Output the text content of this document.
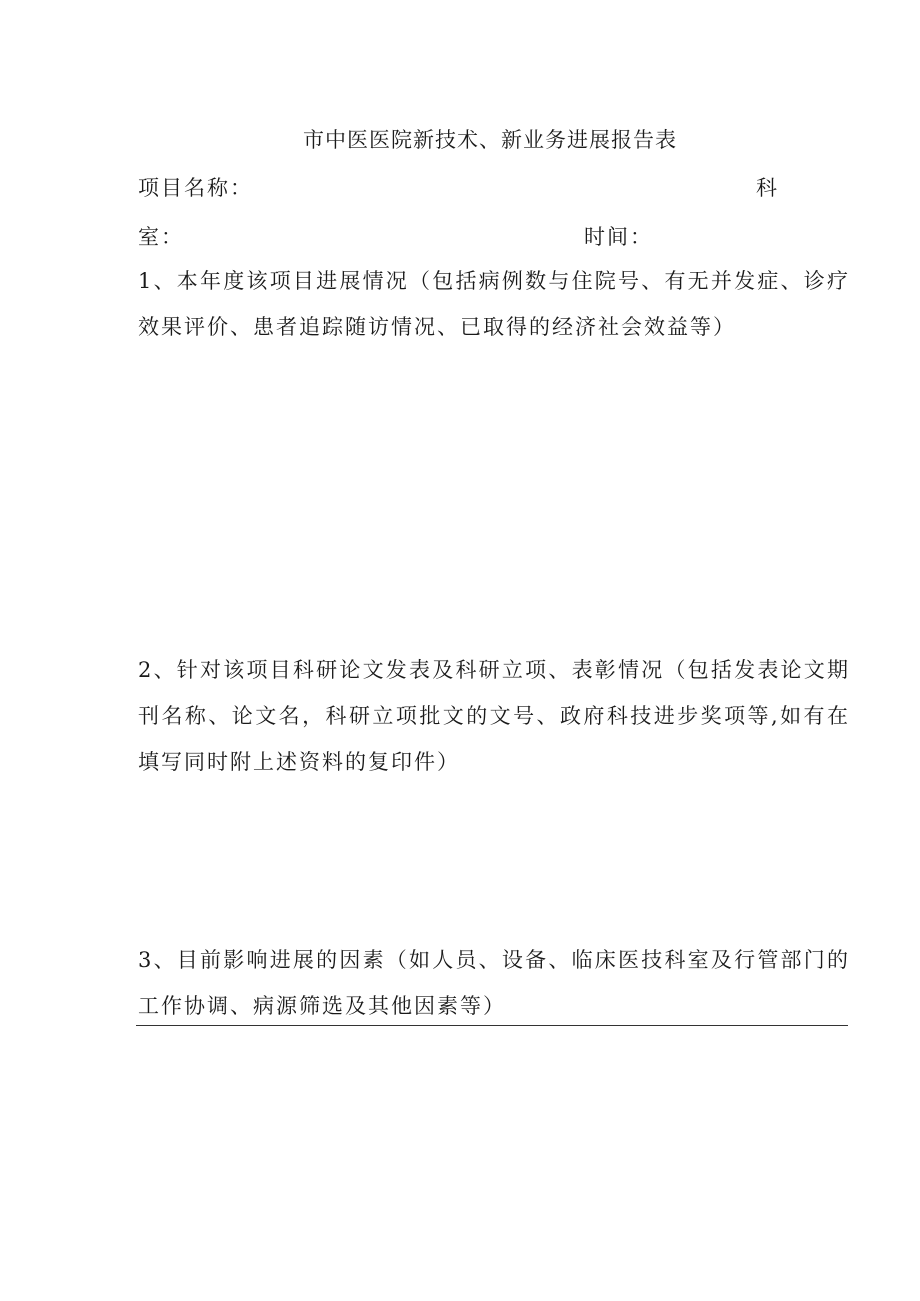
市中医医院新技术、新业务进展报告表
项目名称：	科
室：	时间：
1、本年度该项目进展情况（包括病例数与住院号、有无并发症、诊疗效果评价、患者追踪随访情况、已取得的经济社会效益等）
2、针对该项目科研论文发表及科研立项、表彰情况（包括发表论文期刊名称、论文名，科研立项批文的文号、政府科技进步奖项等,如有在填写同时附上述资料的复印件）
3、目前影响进展的因素（如人员、设备、临床医技科室及行管部门的工作协调、病源筛选及其他因素等）
